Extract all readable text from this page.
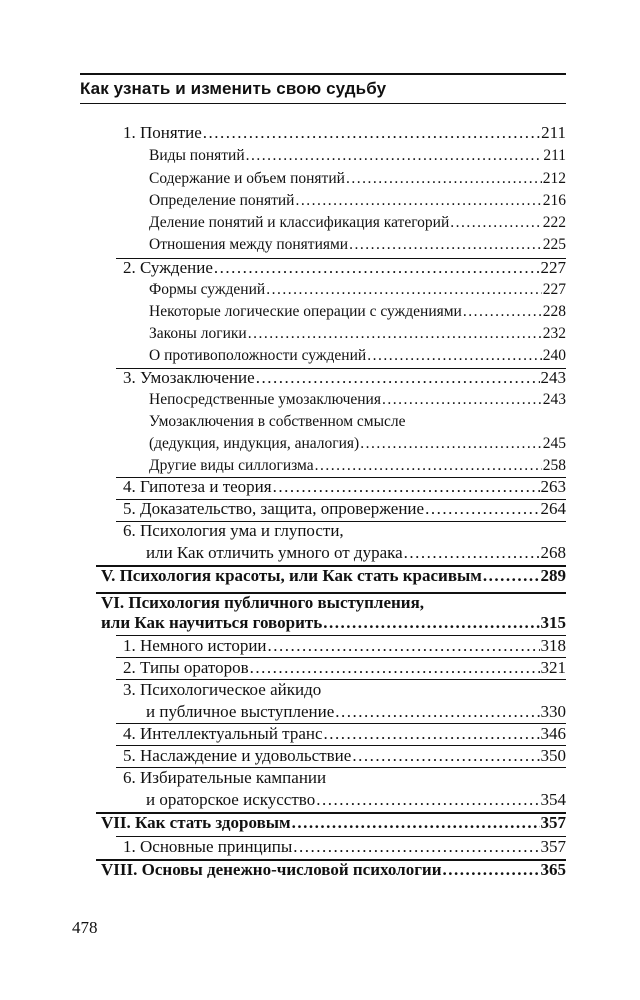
Как узнать и изменить свою судьбу
1. Понятие .....	211
Виды понятий .....	211
Содержание и объем понятий .....	212
Определение понятий .....	216
Деление понятий и классификация категорий .....	222
Отношения между понятиями .....	225
2. Суждение .....	227
Формы суждений .....	227
Некоторые логические операции с суждениями .....	228
Законы логики .....	232
О противоположности суждений .....	240
3. Умозаключение .....	243
Непосредственные умозаключения .....	243
Умозаключения в собственном смысле
(дедукция, индукция, аналогия) .....	245
Другие виды силлогизма .....	258
4. Гипотеза и теория .....	263
5. Доказательство, защита, опровержение .....	264
6. Психология ума и глупости,
или Как отличить умного от дурака .....	268
V. Психология красоты, или Как стать красивым .....	289
VI. Психология публичного выступления,
или Как научиться говорить .....	315
1. Немного истории .....	318
2. Типы ораторов .....	321
3. Психологическое айкидо
и публичное выступление .....	330
4. Интеллектуальный транс .....	346
5. Наслаждение и удовольствие .....	350
6. Избирательные кампании
и ораторское искусство .....	354
VII. Как стать здоровым .....	357
1. Основные принципы .....	357
VIII. Основы денежно-числовой психологии .....	365
478
